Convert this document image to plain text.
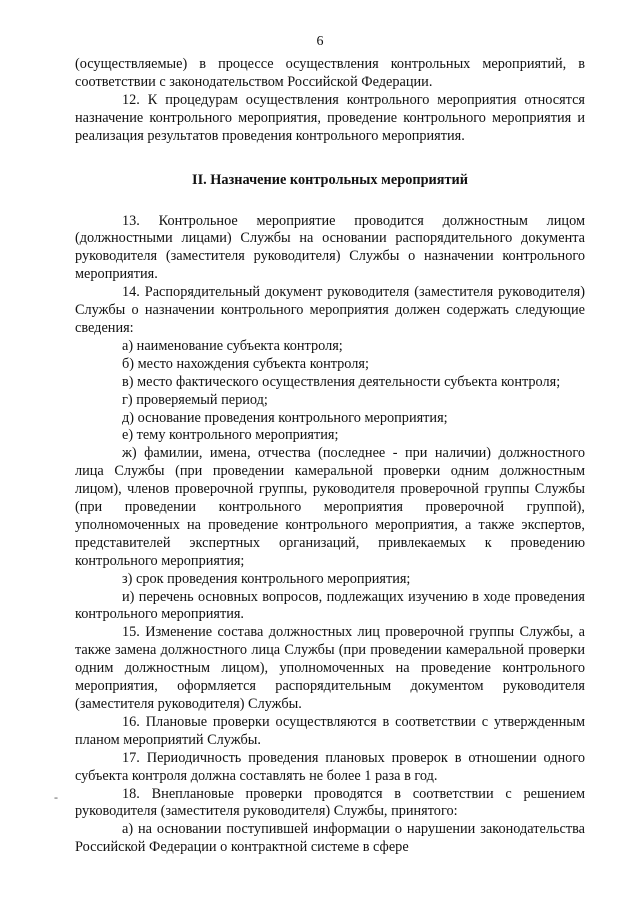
6
-

(осуществляемые) в процессе осуществления контрольных мероприятий, в соответствии с законодательством Российской Федерации.

12. К процедурам осуществления контрольного мероприятия относятся назначение контрольного мероприятия, проведение контрольного мероприятия и реализация результатов проведения контрольного мероприятия.

II. Назначение контрольных мероприятий

13. Контрольное мероприятие проводится должностным лицом (должностными лицами) Службы на основании распорядительного документа руководителя (заместителя руководителя) Службы о назначении контрольного мероприятия.

14. Распорядительный документ руководителя (заместителя руководителя) Службы о назначении контрольного мероприятия должен содержать следующие сведения:

а) наименование субъекта контроля;

б) место нахождения субъекта контроля;

в) место фактического осуществления деятельности субъекта контроля;

г) проверяемый период;

д) основание проведения контрольного мероприятия;

е) тему контрольного мероприятия;

ж) фамилии, имена, отчества (последнее - при наличии) должностного лица Службы (при проведении камеральной проверки одним должностным лицом), членов проверочной группы, руководителя проверочной группы Службы (при проведении контрольного мероприятия проверочной группой), уполномоченных на проведение контрольного мероприятия, а также экспертов, представителей экспертных организаций, привлекаемых к проведению контрольного мероприятия;

з) срок проведения контрольного мероприятия;

и) перечень основных вопросов, подлежащих изучению в ходе проведения контрольного мероприятия.

15. Изменение состава должностных лиц проверочной группы Службы, а также замена должностного лица Службы (при проведении камеральной проверки одним должностным лицом), уполномоченных на проведение контрольного мероприятия, оформляется распорядительным документом руководителя (заместителя руководителя) Службы.

16. Плановые проверки осуществляются в соответствии с утвержденным планом мероприятий Службы.

17. Периодичность проведения плановых проверок в отношении одного субъекта контроля должна составлять не более 1 раза в год.

18. Внеплановые проверки проводятся в соответствии с решением руководителя (заместителя руководителя) Службы, принятого:

а) на основании поступившей информации о нарушении законодательства Российской Федерации о контрактной системе в сфере
